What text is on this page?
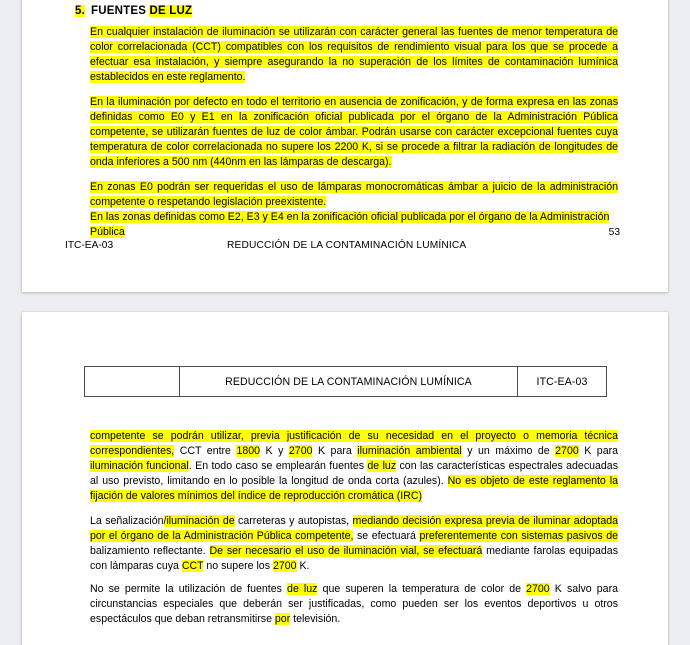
5. FUENTES DE LUZ
En cualquier instalación de iluminación se utilizarán con carácter general las fuentes de menor temperatura de color correlacionada (CCT) compatibles con los requisitos de rendimiento visual para los que se procede a efectuar esa instalación, y siempre asegurando la no superación de los límites de contaminación lumínica establecidos en este reglamento.
En la iluminación por defecto en todo el territorio en ausencia de zonificación, y de forma expresa en las zonas definidas como E0 y E1 en la zonificación oficial publicada por el órgano de la Administración Pública competente, se utilizarán fuentes de luz de color ámbar. Podrán usarse con carácter excepcional fuentes cuya temperatura de color correlacionada no supere los 2200 K, si se procede a filtrar la radiación de longitudes de onda inferiores a 500 nm (440nm en las lámparas de descarga).
En zonas E0 podrán ser requeridas el uso de lámparas monocromáticas ámbar a juicio de la administración competente o respetando legislación preexistente.
En las zonas definidas como E2, E3 y E4 en la zonificación oficial publicada por el órgano de la Administración Pública	53
ITC-EA-03	REDUCCIÓN DE LA CONTAMINACIÓN LUMÍNICA
	REDUCCIÓN DE LA CONTAMINACIÓN LUMÍNICA	ITC-EA-03
competente se podrán utilizar, previa justificación de su necesidad en el proyecto o memoria técnica correspondientes, CCT entre 1800 K y 2700 K para iluminación ambiental y un máximo de 2700 K para iluminación funcional. En todo caso se emplearán fuentes de luz con las características espectrales adecuadas al uso previsto, limitando en lo posible la longitud de onda corta (azules). No es objeto de este reglamento la fijación de valores mínimos del índice de reproducción cromática (IRC)
La señalización/iluminación de carreteras y autopistas, mediando decisión expresa previa de iluminar adoptada por el órgano de la Administración Pública competente, se efectuará preferentemente con sistemas pasivos de balizamiento reflectante. De ser necesario el uso de iluminación vial, se efectuará mediante farolas equipadas con lámparas cuya CCT no supere los 2700 K.
No se permite la utilización de fuentes de luz que superen la temperatura de color de 2700 K salvo para circunstancias especiales que deberán ser justificadas, como pueden ser los eventos deportivos u otros espectáculos que deban retransmitirse por televisión.
